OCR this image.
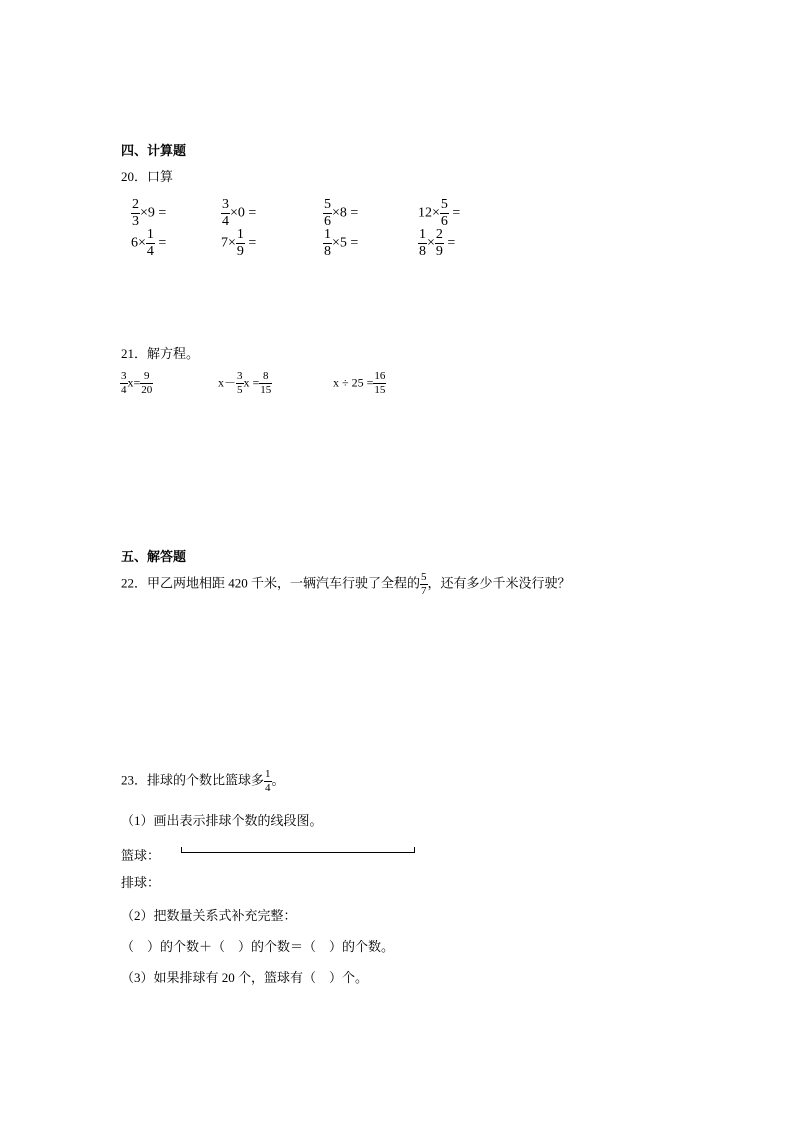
四、计算题
20．口算
$\frac{2}{3} \times 9$ =	$\frac{3}{4} \times 0$ =	$\frac{5}{6} \times 8$ =	$12\times \frac{5}{6}$ =
$6\times \frac{1}{4}$ =	$7\times \frac{1}{9}$ =	$\frac{1}{8} \times 5$ =	$\frac{1}{8} \times \frac{2}{9}$ =
21．解方程。
$\frac{3}{4} x= \frac{9}{20}$	$x- \frac{3}{5}$ $x = \frac{8}{15}$	$x \div 25 = \frac{16}{15}$
五、解答题
22．甲乙两地相距 420 千米，一辆汽车行驶了全程的 $\frac{5}{7}$ ，还有多少千米没行驶？
23．排球的个数比篮球多 $\frac{1}{4}$ 。
（1）画出表示排球个数的线段图。
篮球：
排球：
（2）把数量关系式补充完整：
（　）的个数＋（　）的个数＝（　）的个数。
（3）如果排球有 20 个，篮球有（　）个。
